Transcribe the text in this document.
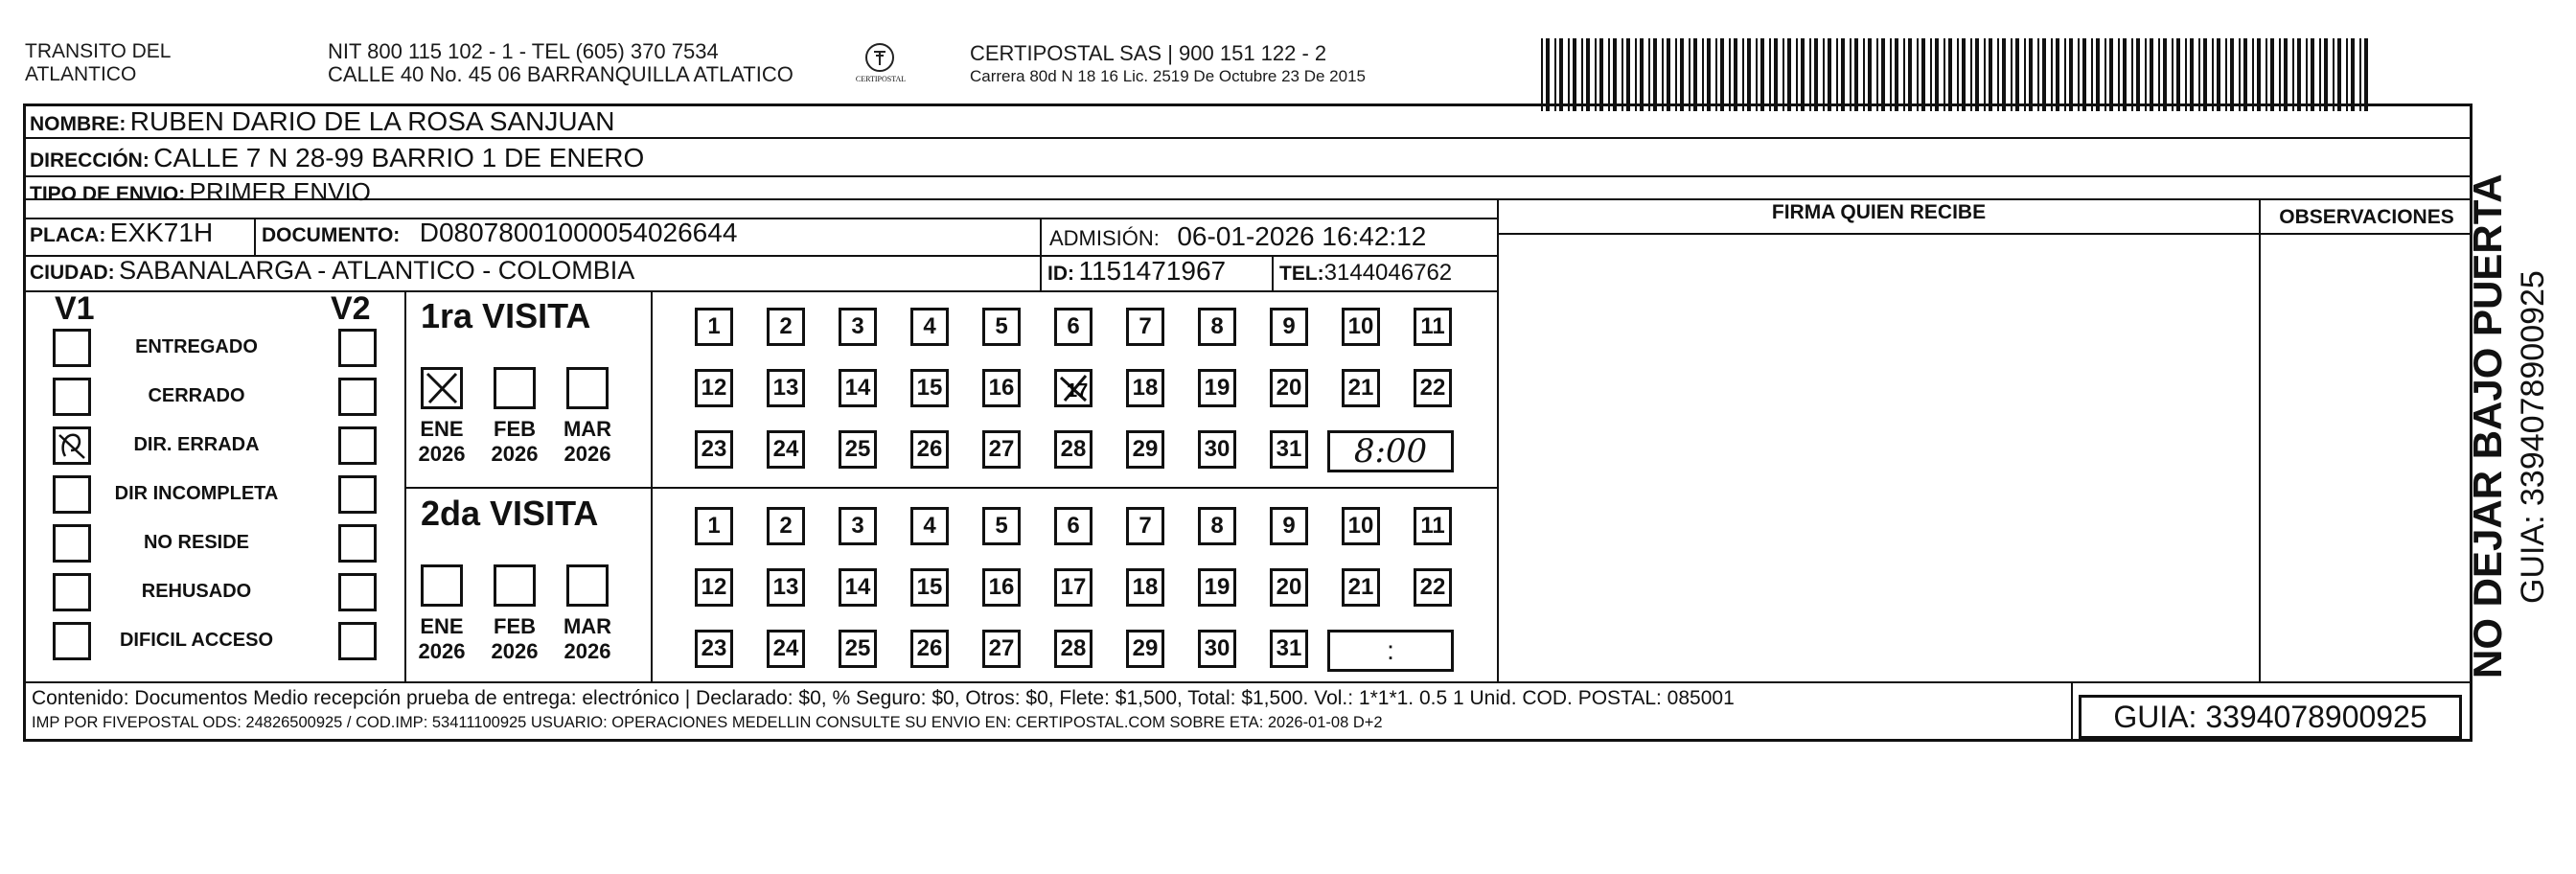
TRANSITO DEL
ATLANTICO
NIT 800 115 102 - 1 - TEL (605) 370 7534
CALLE 40 No. 45 06 BARRANQUILLA ATLATICO	CERTIPOSTAL
CERTIPOSTAL SAS | 900 151 122 - 2
Carrera 80d N 18 16 Lic. 2519 De Octubre 23 De 2015
NOMBRE: RUBEN DARIO DE LA ROSA SANJUAN
DIRECCIÓN: CALLE 7 N 28-99 BARRIO 1 DE ENERO
TIPO DE ENVIO: PRIMER ENVIO
PLACA: EXK71H DOCUMENTO: D08078001000054026644	ADMISIÓN: 06-01-2026 16:42:12
CIUDAD: SABANALARGA - ATLANTICO - COLOMBIA	ID: 1151471967	TEL:3144046762
FIRMA QUIEN RECIBE	OBSERVACIONES
V1	V2
ENTREGADO
CERRADO
DIR. ERRADA
DIR INCOMPLETA
NO RESIDE
REHUSADO
DIFICIL ACCESO
1ra VISITA
2da VISITA
ENE
2026
FEB
2026
MAR
2026
ENE
2026
FEB
2026
MAR
2026
1	2	3	4	5	6	7	8	9	10	11
12 13 14 15 16	17 18 19 20 21 22
23 24 25 26 27 28 29 30 31	8:00
1	2	3	4	5	6	7	8	9	10	11
12 13 14 15 16 17 18 19 20 21 22
23 24 25 26 27 28 29 30 31	:
Contenido: Documentos Medio recepción prueba de entrega: electrónico | Declarado: $0, % Seguro: $0, Otros: $0, Flete: $1,500, Total: $1,500. Vol.: 1*1*1. 0.5 1 Unid. COD. POSTAL: 085001
IMP POR FIVEPOSTAL ODS: 24826500925 / COD.IMP: 53411100925 USUARIO: OPERACIONES MEDELLIN CONSULTE SU ENVIO EN: CERTIPOSTAL.COM SOBRE ETA: 2026-01-08 D+2	GUIA: 3394078900925
NO DEJAR BAJO PUERTA GUIA: 3394078900925
